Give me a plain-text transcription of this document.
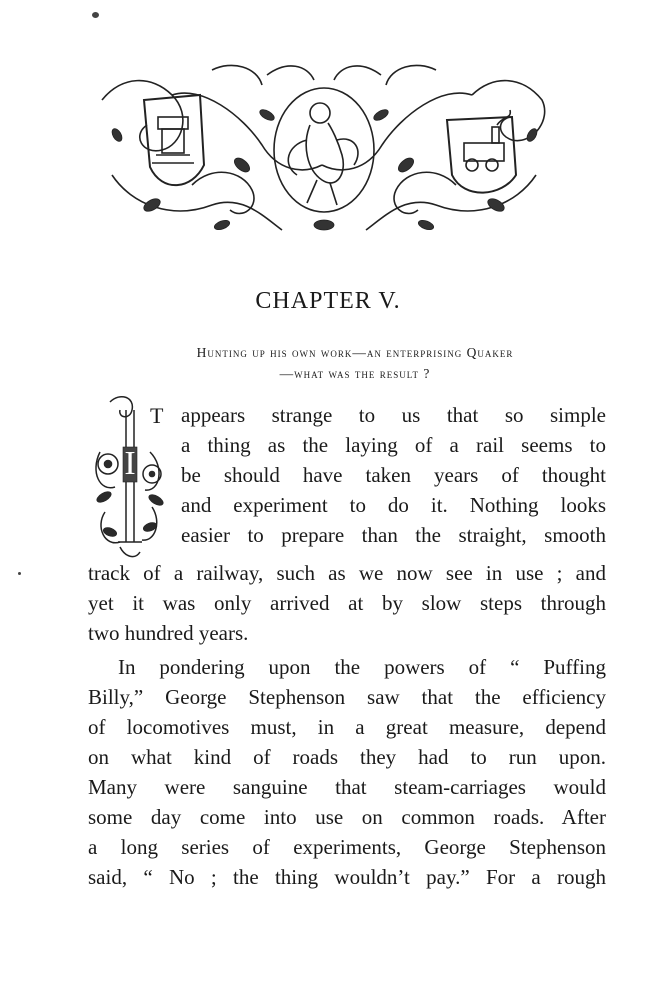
CHAPTER V.
Hunting up his own work—an enterprising Quaker
—what was the result ?
I
T appears strange to us that so simple
a thing as the laying of a rail seems to
be should have taken years of thought
and experiment to do it. Nothing looks
easier to prepare than the straight, smooth
track of a railway, such as we now see in use ; and
yet it was only arrived at by slow steps through
two hundred years.
In pondering upon the powers of “ Puffing
Billy,” George Stephenson saw that the efficiency
of locomotives must, in a great measure, depend
on what kind of roads they had to run upon.
Many were sanguine that steam-carriages would
some day come into use on common roads. After
a long series of experiments, George Stephenson
said, “ No ; the thing wouldn’t pay.” For a rough
